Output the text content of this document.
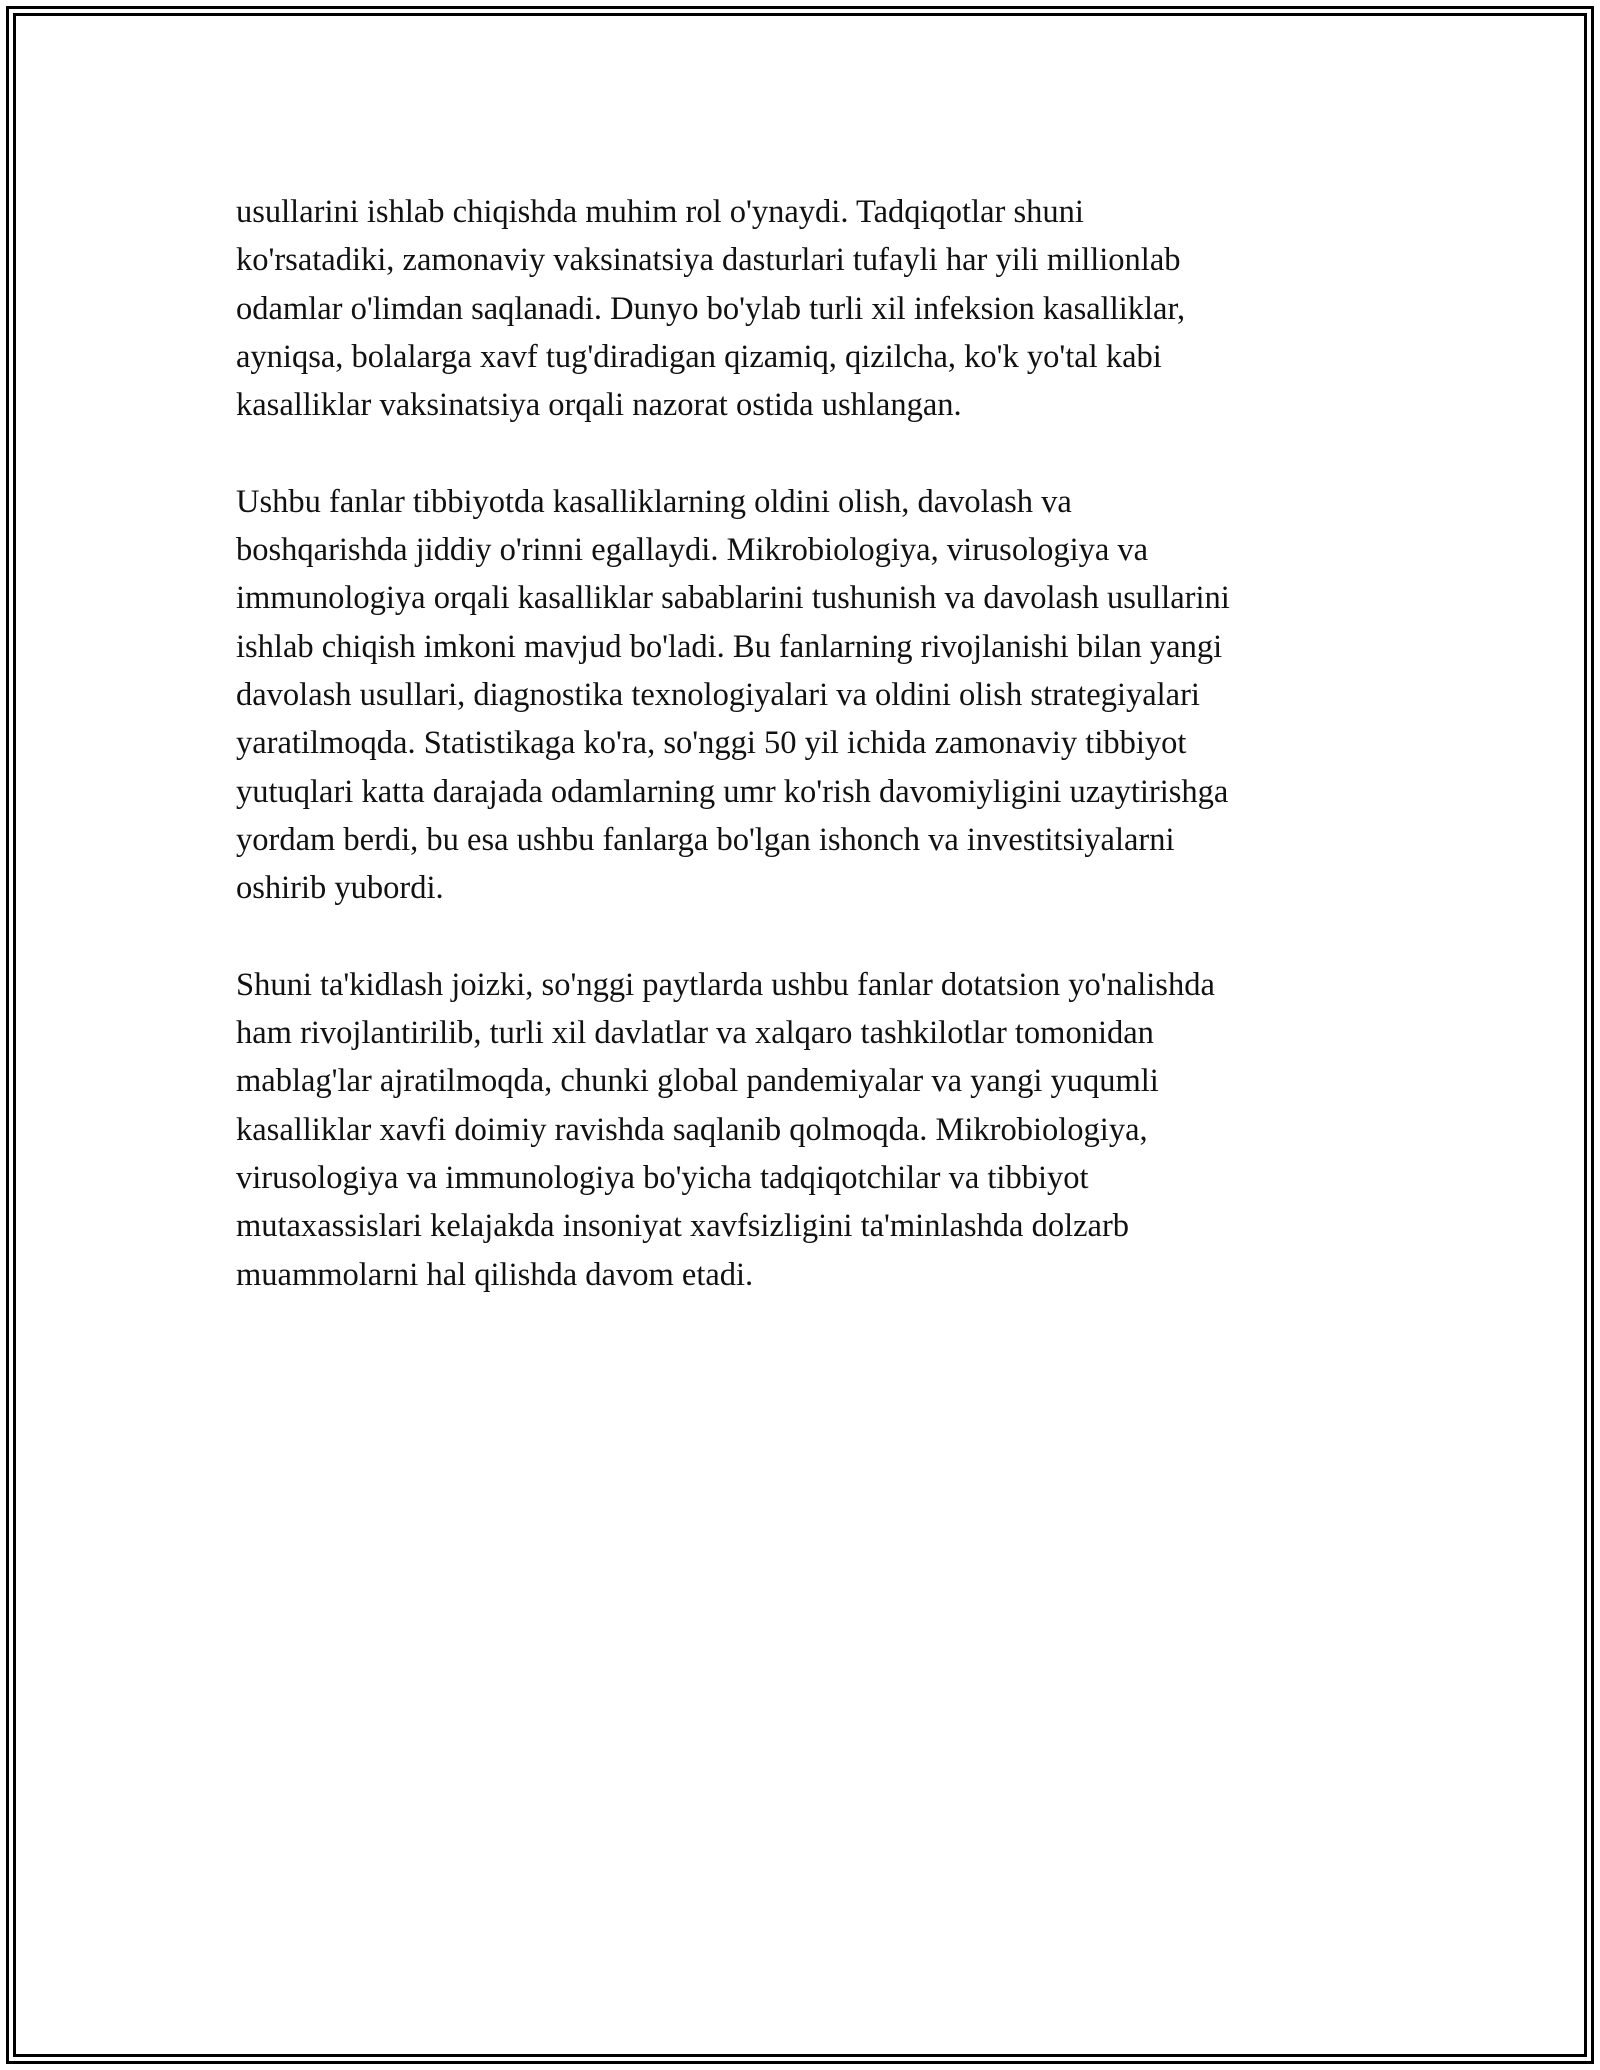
usullarini ishlab chiqishda muhim rol o'ynaydi. Tadqiqotlar shuni
ko'rsatadiki, zamonaviy vaksinatsiya dasturlari tufayli har yili millionlab
odamlar o'limdan saqlanadi. Dunyo bo'ylab turli xil infeksion kasalliklar,
ayniqsa, bolalarga xavf tug'diradigan qizamiq, qizilcha, ko'k yo'tal kabi
kasalliklar vaksinatsiya orqali nazorat ostida ushlangan.
Ushbu fanlar tibbiyotda kasalliklarning oldini olish, davolash va
boshqarishda jiddiy o'rinni egallaydi. Mikrobiologiya, virusologiya va
immunologiya orqali kasalliklar sabablarini tushunish va davolash usullarini
ishlab chiqish imkoni mavjud bo'ladi. Bu fanlarning rivojlanishi bilan yangi
davolash usullari, diagnostika texnologiyalari va oldini olish strategiyalari
yaratilmoqda. Statistikaga ko'ra, so'nggi 50 yil ichida zamonaviy tibbiyot
yutuqlari katta darajada odamlarning umr ko'rish davomiyligini uzaytirishga
yordam berdi, bu esa ushbu fanlarga bo'lgan ishonch va investitsiyalarni
oshirib yubordi.
Shuni ta'kidlash joizki, so'nggi paytlarda ushbu fanlar dotatsion yo'nalishda
ham rivojlantirilib, turli xil davlatlar va xalqaro tashkilotlar tomonidan
mablag'lar ajratilmoqda, chunki global pandemiyalar va yangi yuqumli
kasalliklar xavfi doimiy ravishda saqlanib qolmoqda. Mikrobiologiya,
virusologiya va immunologiya bo'yicha tadqiqotchilar va tibbiyot
mutaxassislari kelajakda insoniyat xavfsizligini ta'minlashda dolzarb
muammolarni hal qilishda davom etadi.
